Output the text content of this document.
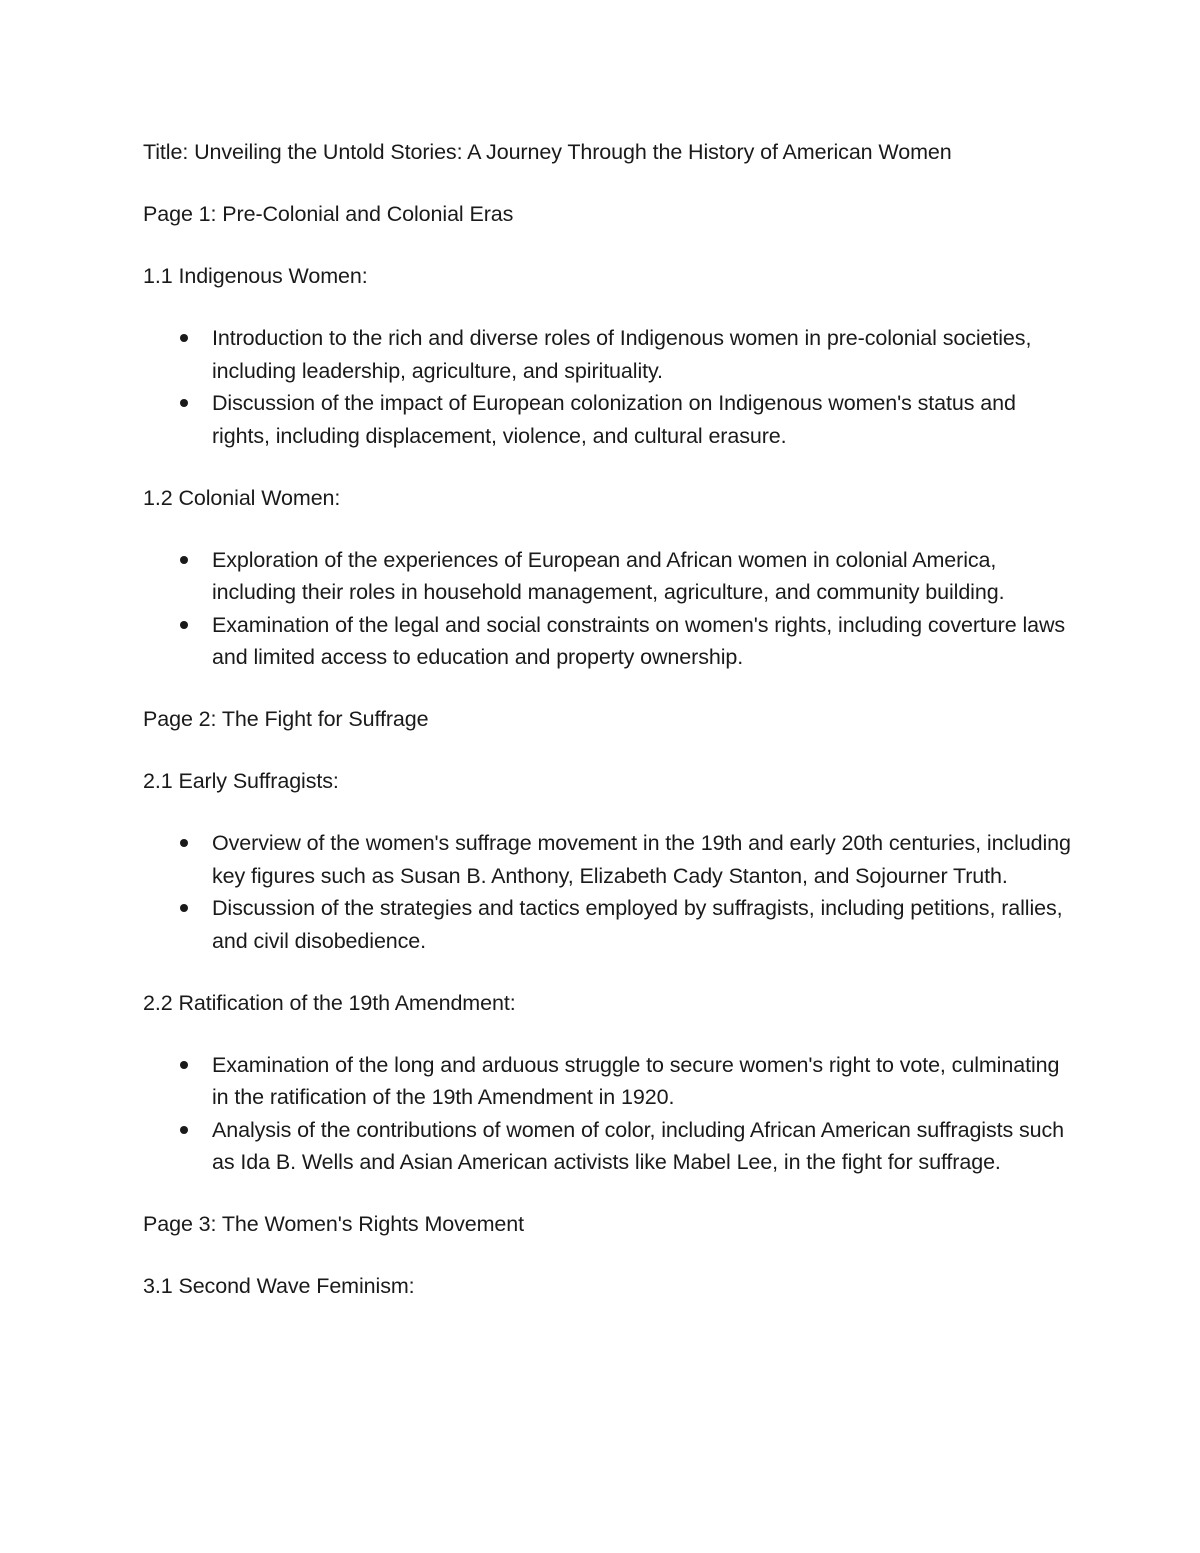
Title: Unveiling the Untold Stories: A Journey Through the History of American Women

Page 1: Pre-Colonial and Colonial Eras

1.1 Indigenous Women:

Introduction to the rich and diverse roles of Indigenous women in pre-colonial societies, including leadership, agriculture, and spirituality.
Discussion of the impact of European colonization on Indigenous women's status and rights, including displacement, violence, and cultural erasure.

1.2 Colonial Women:

Exploration of the experiences of European and African women in colonial America, including their roles in household management, agriculture, and community building.
Examination of the legal and social constraints on women's rights, including coverture laws and limited access to education and property ownership.

Page 2: The Fight for Suffrage

2.1 Early Suffragists:

Overview of the women's suffrage movement in the 19th and early 20th centuries, including key figures such as Susan B. Anthony, Elizabeth Cady Stanton, and Sojourner Truth.
Discussion of the strategies and tactics employed by suffragists, including petitions, rallies, and civil disobedience.

2.2 Ratification of the 19th Amendment:

Examination of the long and arduous struggle to secure women's right to vote, culminating in the ratification of the 19th Amendment in 1920.
Analysis of the contributions of women of color, including African American suffragists such as Ida B. Wells and Asian American activists like Mabel Lee, in the fight for suffrage.

Page 3: The Women's Rights Movement

3.1 Second Wave Feminism:
